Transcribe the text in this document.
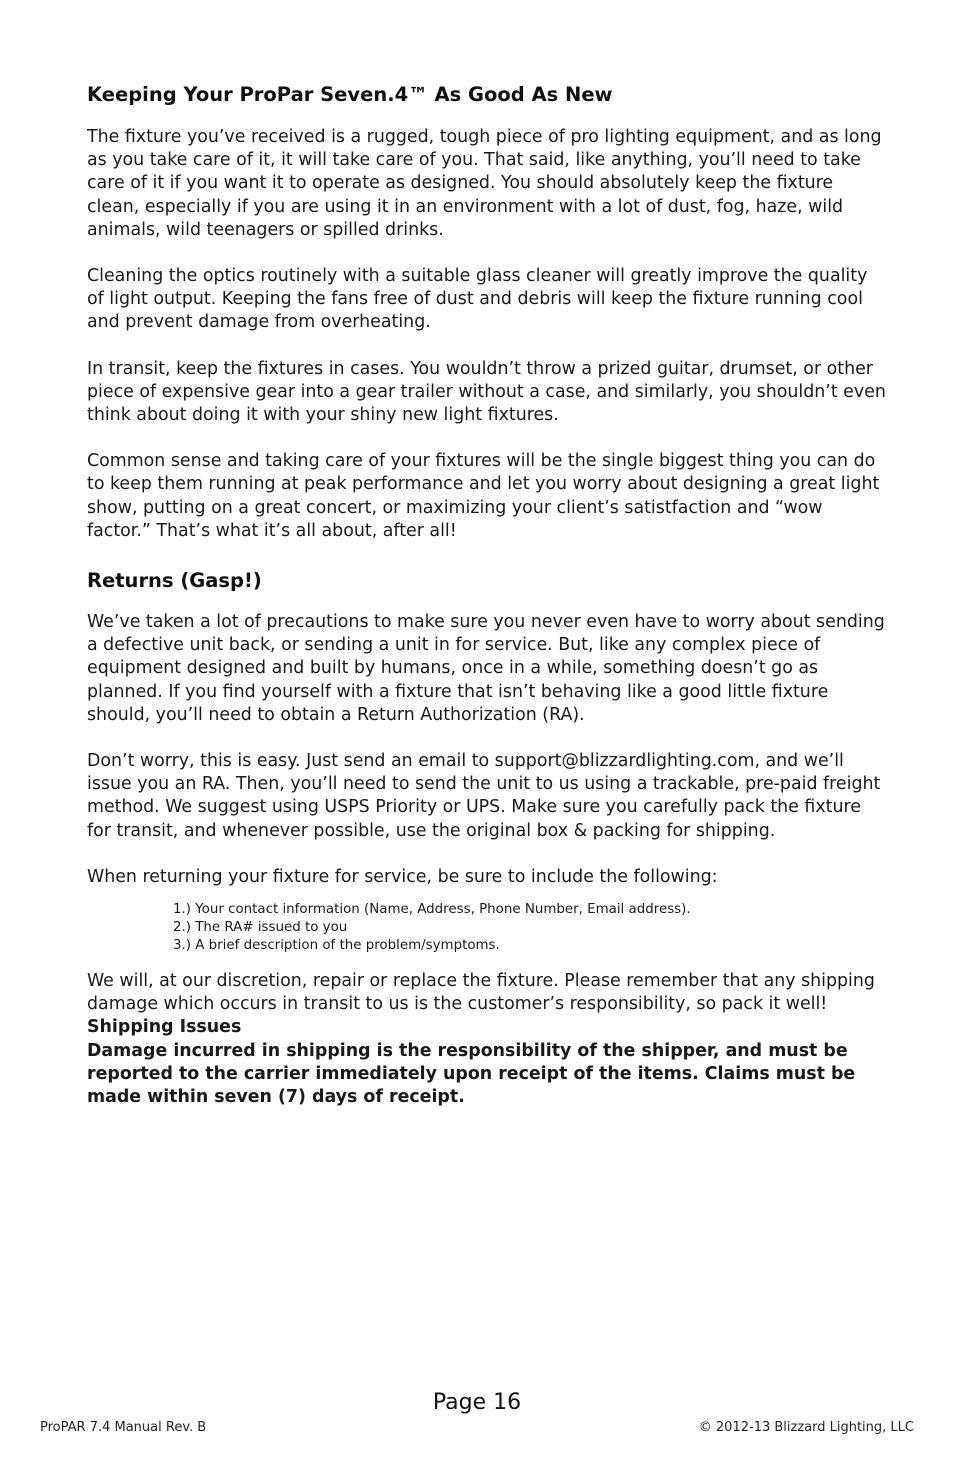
Keeping Your ProPar Seven.4™ As Good As New

The fixture you’ve received is a rugged, tough piece of pro lighting equipment, and as long as you take care of it, it will take care of you. That said, like anything, you’ll need to take care of it if you want it to operate as designed. You should absolutely keep the fixture clean, especially if you are using it in an environment with a lot of dust, fog, haze, wild animals, wild teenagers or spilled drinks.

Cleaning the optics routinely with a suitable glass cleaner will greatly improve the quality of light output. Keeping the fans free of dust and debris will keep the fixture running cool and prevent damage from overheating.

In transit, keep the fixtures in cases. You wouldn’t throw a prized guitar, drumset, or other piece of expensive gear into a gear trailer without a case, and similarly, you shouldn’t even think about doing it with your shiny new light fixtures.

Common sense and taking care of your fixtures will be the single biggest thing you can do to keep them running at peak performance and let you worry about designing a great light show, putting on a great concert, or maximizing your client’s satistfaction and “wow factor.” That’s what it’s all about, after all!

Returns (Gasp!)

We’ve taken a lot of precautions to make sure you never even have to worry about sending a defective unit back, or sending a unit in for service. But, like any complex piece of equipment designed and built by humans, once in a while, something doesn’t go as planned. If you find yourself with a fixture that isn’t behaving like a good little fixture should, you’ll need to obtain a Return Authorization (RA).

Don’t worry, this is easy. Just send an email to support@blizzardlighting.com, and we’ll issue you an RA. Then, you’ll need to send the unit to us using a trackable, pre-paid freight method. We suggest using USPS Priority or UPS. Make sure you carefully pack the fixture for transit, and whenever possible, use the original box & packing for shipping.

When returning your fixture for service, be sure to include the following:

1.) Your contact information (Name, Address, Phone Number, Email address).
2.) The RA# issued to you
3.) A brief description of the problem/symptoms.

We will, at our discretion, repair or replace the fixture. Please remember that any shipping damage which occurs in transit to us is the customer’s responsibility, so pack it well!

Shipping Issues

Damage incurred in shipping is the responsibility of the shipper, and must be reported to the carrier immediately upon receipt of the items. Claims must be made within seven (7) days of receipt.

Page 16
ProPAR 7.4 Manual Rev. B	© 2012-13 Blizzard Lighting, LLC
